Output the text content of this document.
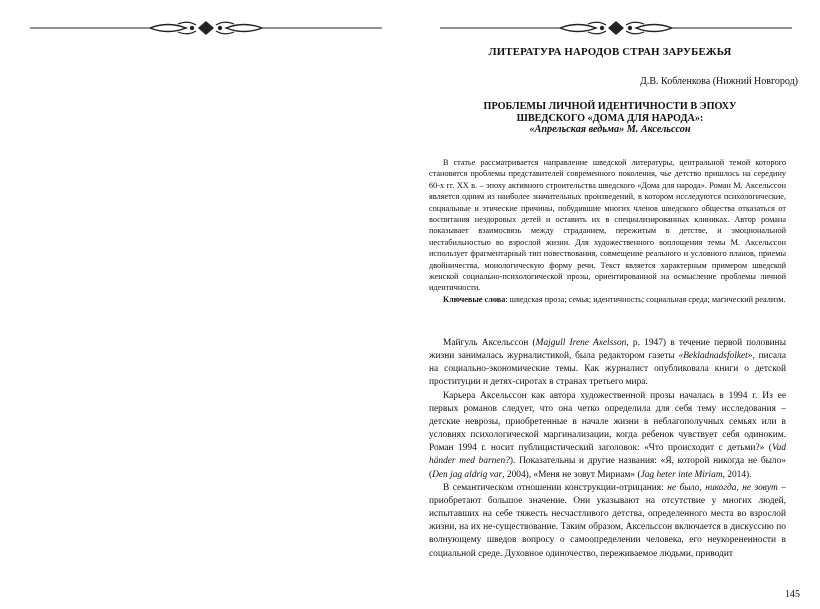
ЛИТЕРАТУРА НАРОДОВ СТРАН ЗАРУБЕЖЬЯ
Д.В. Кобленкова (Нижний Новгород)
ПРОБЛЕМЫ ЛИЧНОЙ ИДЕНТИЧНОСТИ В ЭПОХУ
ШВЕДСКОГО «ДОМА ДЛЯ НАРОДА»:
«Апрельская ведьма» М. Аксельссон

В статье рассматривается направление шведской литературы, центральной темой которого становятся проблемы представителей современного поколения, чье детство пришлось на середину 60-х гг. XX в. – эпоху активного строительства шведского «Дома для народа». Роман М. Аксельссон является одним из наиболее значительных произведений, в котором исследуются психологические, социальные и этические причины, побудившие многих членов шведского общества отказаться от воспитания нездоровых детей и оставить их в специализированных клиниках. Автор романа показывает взаимосвязь между страданием, пережитым в детстве, и эмоциональной нестабильностью во взрослой жизни. Для художественного воплощения темы М. Аксельссон использует фрагментарный тип повествования, совмещение реального и условного планов, приемы двойничества, монологическую форму речи. Текст является характерным примером шведской женской социально-психологической прозы, ориентированной на осмысление проблемы личной идентичности.

Ключевые слова: шведская проза; семья; идентичность; социальная среда; магический реализм.

Майгуль Аксельссон (Majgull Irene Axelsson, р. 1947) в течение первой половины жизни занималась журналистикой, была редактором газеты «Bekladnadsfolket», писала на социально-экономические темы. Как журналист опубликовала книги о детской проституции и детях-сиротах в странах третьего мира.

Карьера Аксельссон как автора художественной прозы началась в 1994 г. Из ее первых романов следует, что она четко определила для себя тему исследования – детские неврозы, приобретенные в начале жизни в неблагополучных семьях или в условиях психологической маргинализации, когда ребенок чувствует себя одиноким. Роман 1994 г. носит публицистический заголовок: «Что происходит с детьми?» (Vad händer med barnen?). Показательны и другие названия: «Я, которой никогда не было» (Den jag aldrig var, 2004), «Меня не зовут Мириам» (Jag heter inte Miriam, 2014).

В семантическом отношении конструкции-отрицания: не было, никогда, не зовут – приобретают большое значение. Они указывают на отсутствие у многих людей, испытавших на себе тяжесть несчастливого детства, определенного места во взрослой жизни, на их не-существование. Таким образом, Аксельссон включается в дискуссию по волнующему шведов вопросу о самоопределении человека, его неукорененности в социальной среде. Духовное одиночество, переживаемое людьми, приводит

145
